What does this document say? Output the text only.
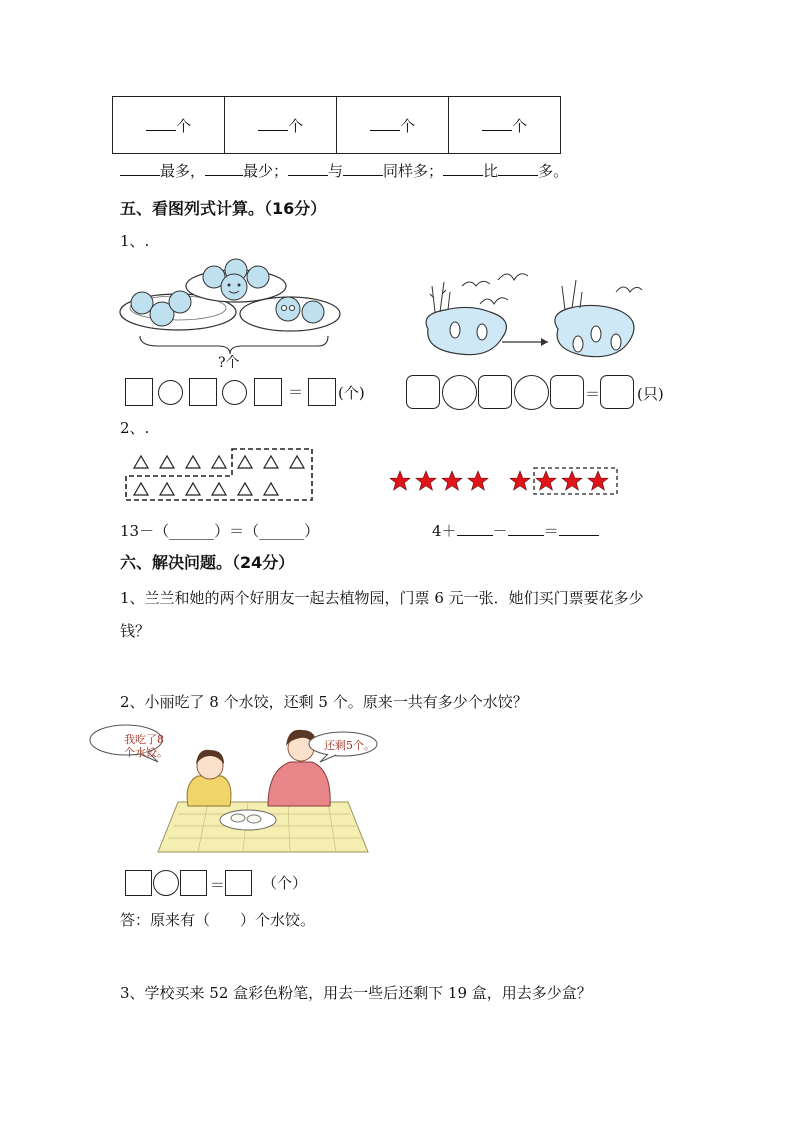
个	个	个	个
最多，	最少；	与	同样多；	比	多。
五、看图列式计算。（16分）
1、.
?个
＝ (个)	＝ (只)
2、.
13－（______）＝（______）	4＋ － ＝
六、解决问题。（24分）
1、兰兰和她的两个好朋友一起去植物园，门票 6 元一张．她们买门票要花多少
钱？
2、小丽吃了 8 个水饺，还剩 5 个。原来一共有多少个水饺？
我吃了8
个水饺。
还剩5个。
＝ （个）
答：原来有（　　）个水饺。
3、学校买来 52 盒彩色粉笔，用去一些后还剩下 19 盒，用去多少盒？
